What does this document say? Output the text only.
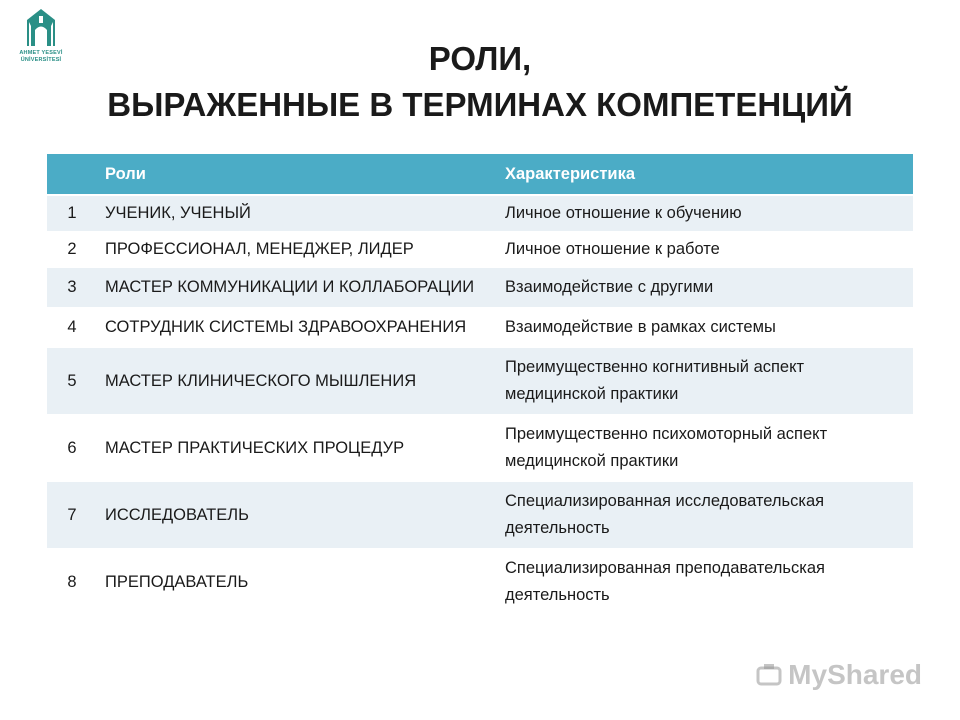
AHMET YESEVİ
ÜNİVERSİTESİ	РОЛИ,
ВЫРАЖЕННЫЕ В ТЕРМИНАХ КОМПЕТЕНЦИЙ
	Роли	Характеристика
1	УЧЕНИК, УЧЕНЫЙ	Личное отношение к обучению
2	ПРОФЕССИОНАЛ, МЕНЕДЖЕР, ЛИДЕР	Личное отношение к работе
3	МАСТЕР КОММУНИКАЦИИ И КОЛЛАБОРАЦИИ	Взаимодействие с другими
4	СОТРУДНИК СИСТЕМЫ ЗДРАВООХРАНЕНИЯ	Взаимодействие в рамках системы
5	МАСТЕР КЛИНИЧЕСКОГО МЫШЛЕНИЯ	Преимущественно когнитивный аспект медицинской практики
6	МАСТЕР ПРАКТИЧЕСКИХ ПРОЦЕДУР	Преимущественно психомоторный аспект медицинской практики
7	ИССЛЕДОВАТЕЛЬ	Специализированная исследовательская деятельность
8	ПРЕПОДАВАТЕЛЬ	Специализированная преподавательская деятельность
MyShared
